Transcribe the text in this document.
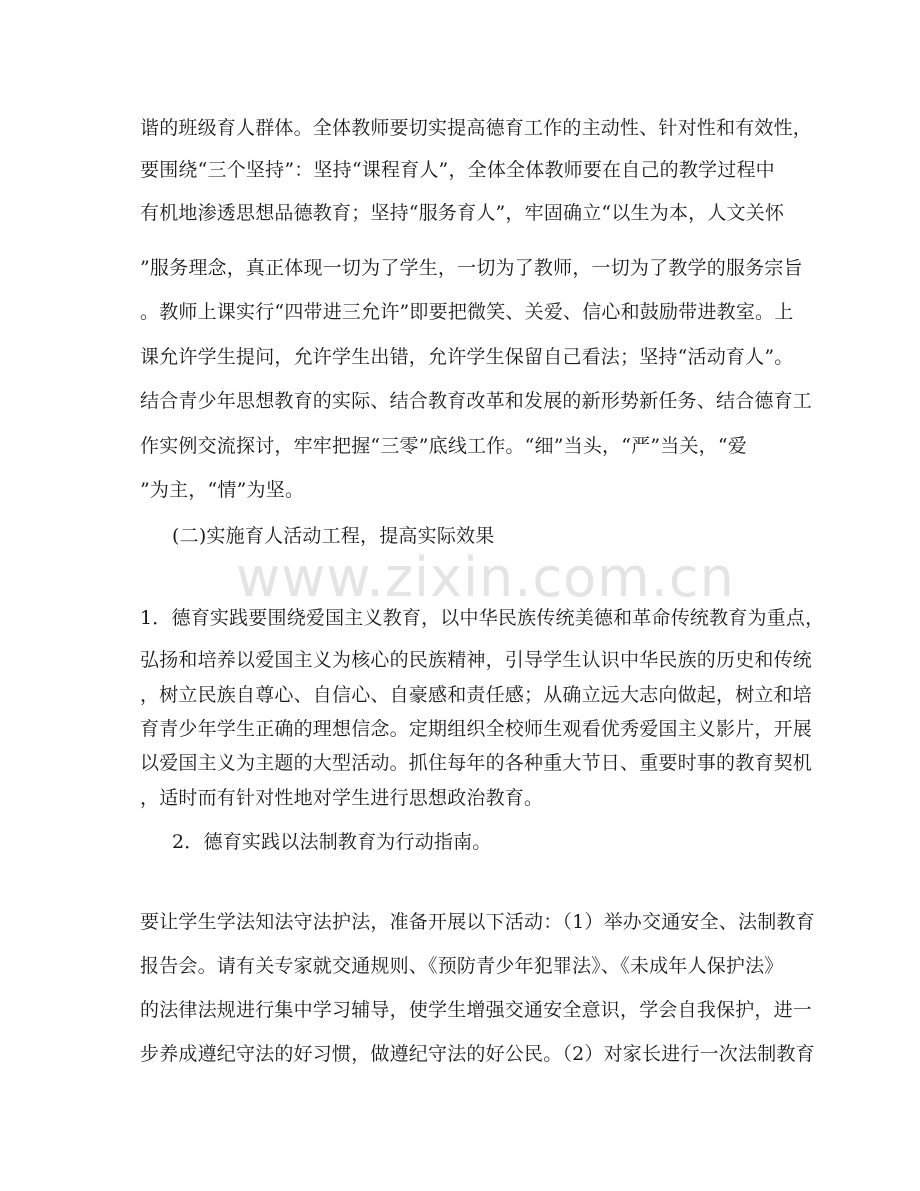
www.zixin.com.cn
谐的班级育人群体。全体教师要切实提高德育工作的主动性、针对性和有效性，
要围绕“三个坚持”：坚持“课程育人”，全体全体教师要在自己的教学过程中
有机地渗透思想品德教育；坚持“服务育人”，牢固确立“以生为本，人文关怀
”服务理念，真正体现一切为了学生，一切为了教师，一切为了教学的服务宗旨
。教师上课实行“四带进三允许”即要把微笑、关爱、信心和鼓励带进教室。上
课允许学生提问，允许学生出错，允许学生保留自己看法；坚持“活动育人”。
结合青少年思想教育的实际、结合教育改革和发展的新形势新任务、结合德育工
作实例交流探讨，牢牢把握“三零”底线工作。“细”当头，“严”当关，“爱
”为主，“情”为坚。
(二)实施育人活动工程，提高实际效果
1．德育实践要围绕爱国主义教育，以中华民族传统美德和革命传统教育为重点，
弘扬和培养以爱国主义为核心的民族精神，引导学生认识中华民族的历史和传统
，树立民族自尊心、自信心、自豪感和责任感；从确立远大志向做起，树立和培
育青少年学生正确的理想信念。定期组织全校师生观看优秀爱国主义影片，开展
以爱国主义为主题的大型活动。抓住每年的各种重大节日、重要时事的教育契机
，适时而有针对性地对学生进行思想政治教育。
2．德育实践以法制教育为行动指南。
要让学生学法知法守法护法，准备开展以下活动：（1）举办交通安全、法制教育
报告会。请有关专家就交通规则、《预防青少年犯罪法》、《未成年人保护法》
的法律法规进行集中学习辅导，使学生增强交通安全意识，学会自我保护，进一
步养成遵纪守法的好习惯，做遵纪守法的好公民。（2）对家长进行一次法制教育
